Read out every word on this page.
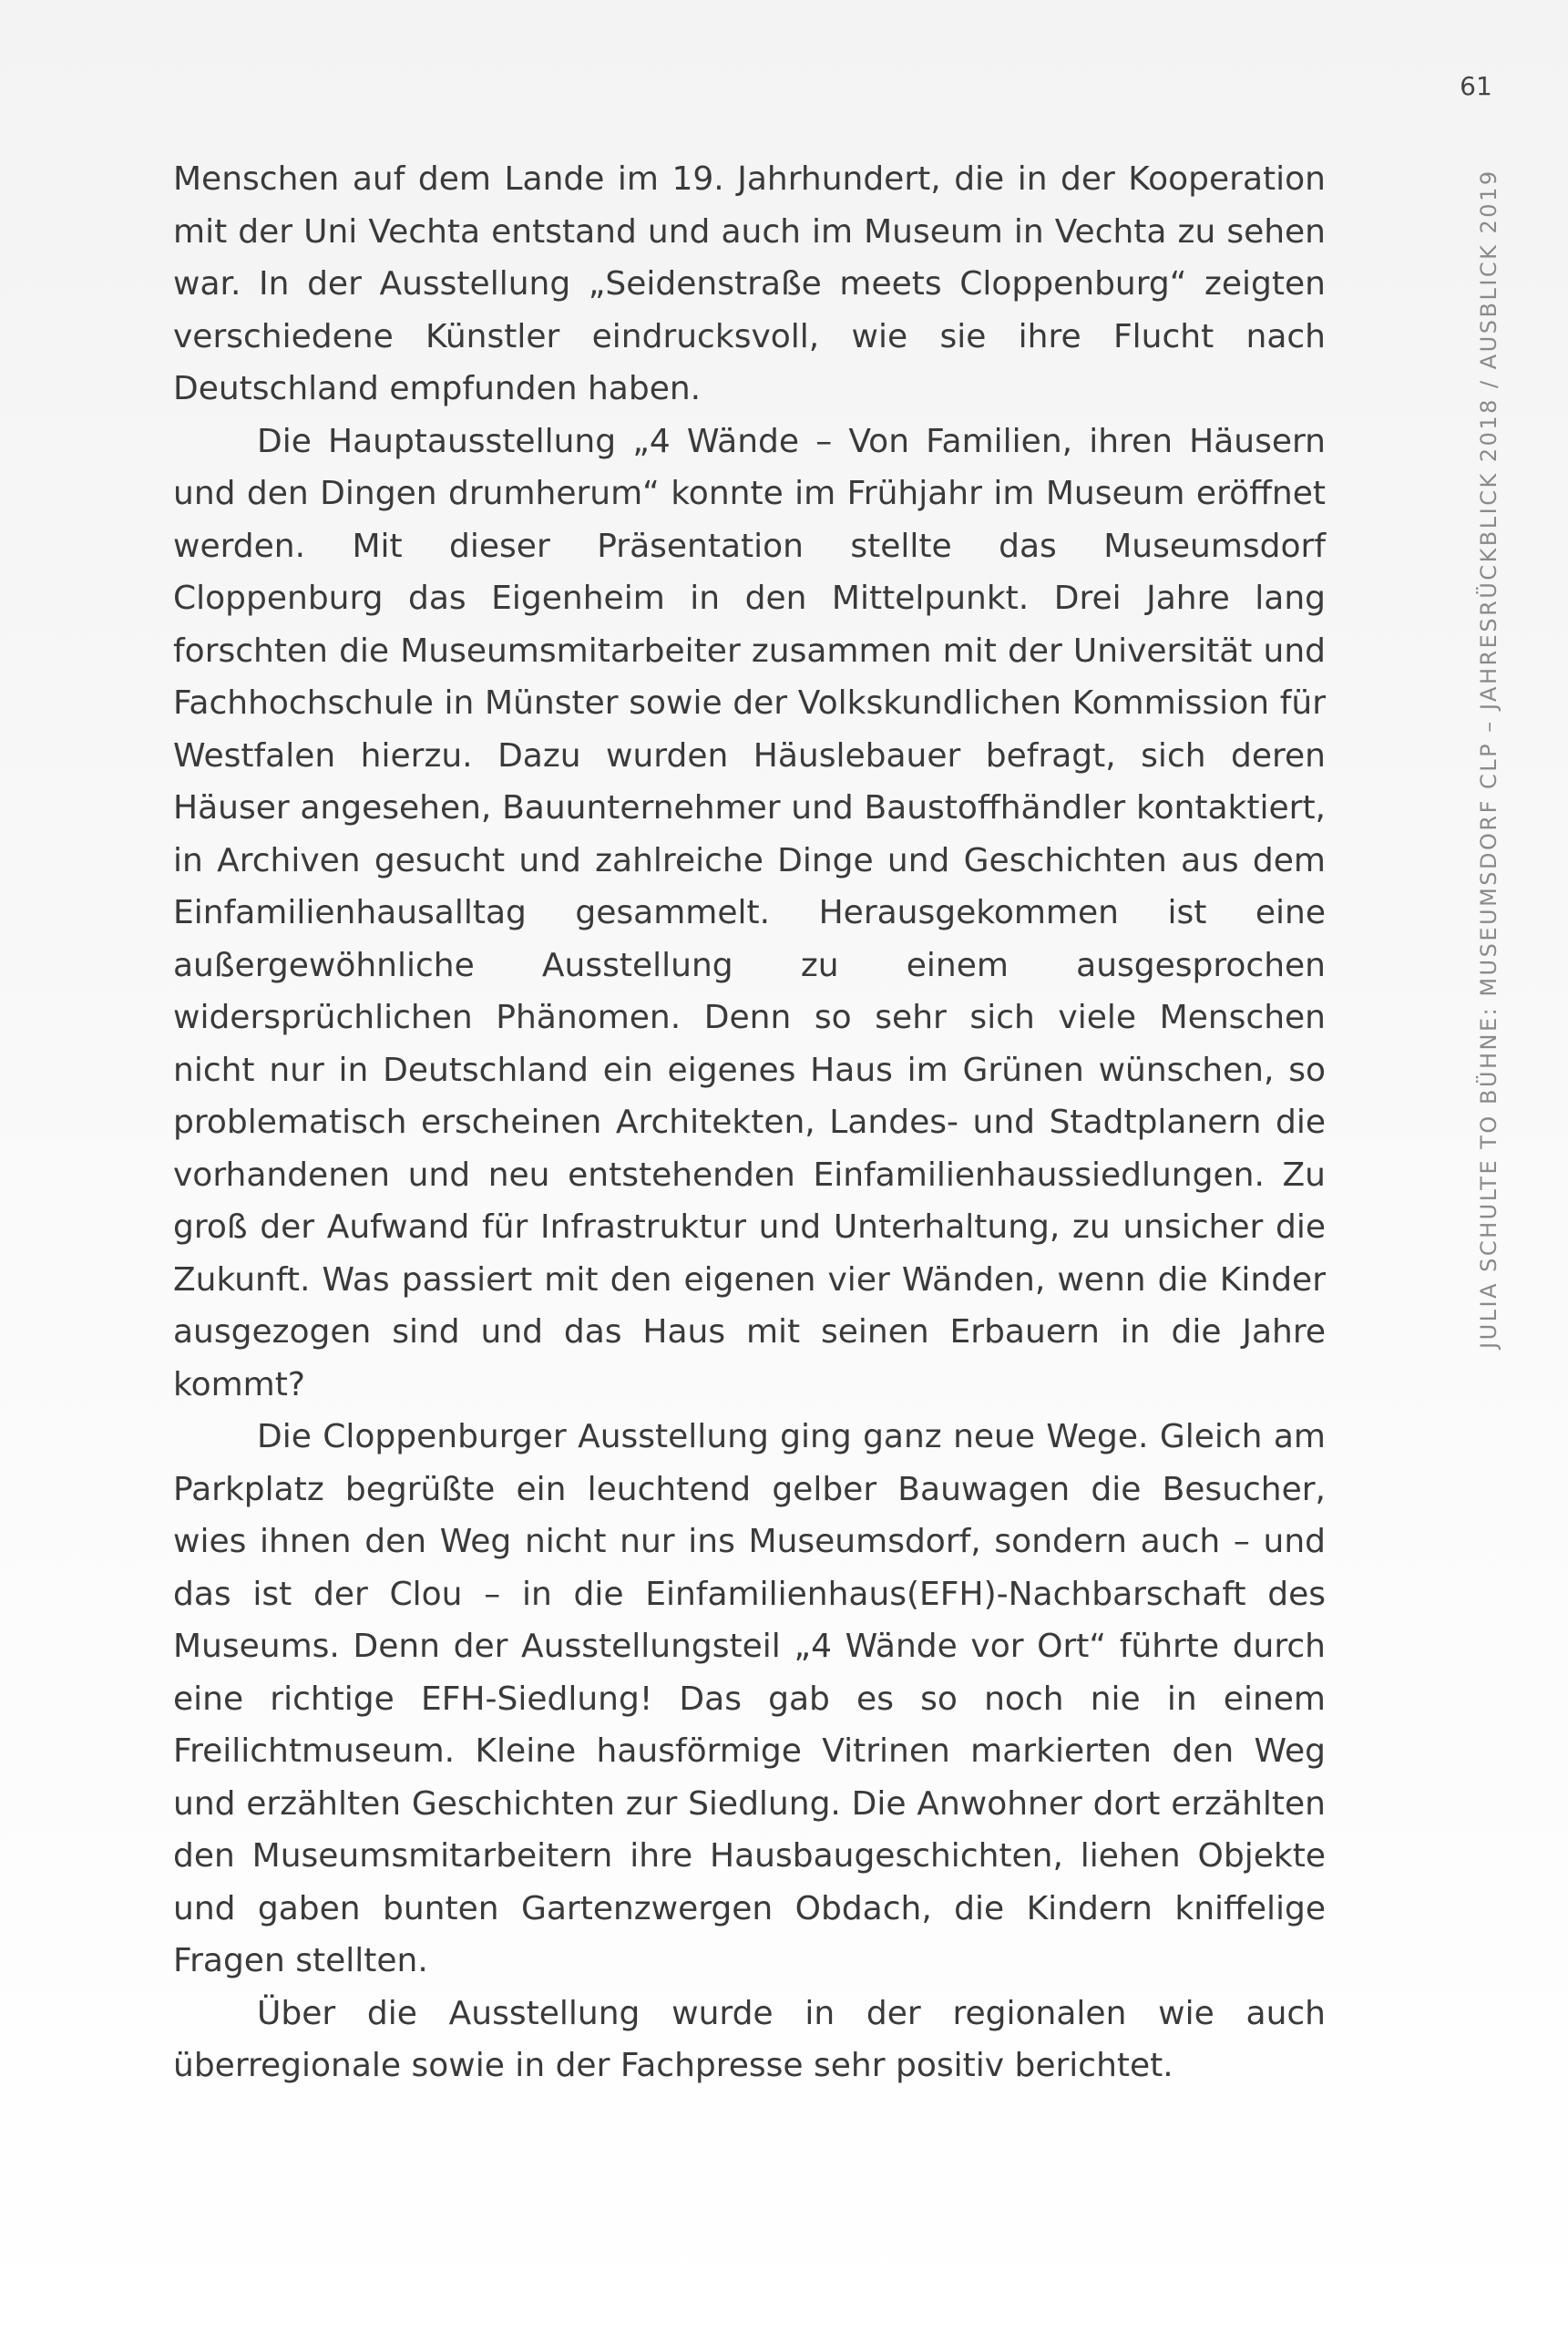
61
JULIA SCHULTE TO BÜHNE: MUSEUMSDORF CLP – JAHRESRÜCKBLICK 2018 / AUSBLICK 2019

Menschen auf dem Lande im 19. Jahrhundert, die in der Kooperation mit der Uni Vechta entstand und auch im Museum in Vechta zu sehen war. In der Ausstellung „Seidenstraße meets Cloppenburg“ zeigten verschiedene Künstler eindrucksvoll, wie sie ihre Flucht nach Deutschland empfunden haben.

Die Hauptausstellung „4 Wände – Von Familien, ihren Häusern und den Dingen drumherum“ konnte im Frühjahr im Museum eröffnet werden. Mit dieser Präsentation stellte das Museumsdorf Cloppenburg das Eigenheim in den Mittelpunkt. Drei Jahre lang forschten die Museumsmitarbeiter zusammen mit der Universität und Fachhochschule in Münster sowie der Volkskundlichen Kommission für Westfalen hierzu. Dazu wurden Häuslebauer befragt, sich deren Häuser angesehen, Bauunternehmer und Baustoffhändler kontaktiert, in Archiven gesucht und zahlreiche Dinge und Geschichten aus dem Einfamilienhausalltag gesammelt. Herausgekommen ist eine außergewöhnliche Ausstellung zu einem ausgesprochen widersprüchlichen Phänomen. Denn so sehr sich viele Menschen nicht nur in Deutschland ein eigenes Haus im Grünen wünschen, so problematisch erscheinen Architekten, Landes- und Stadtplanern die vorhandenen und neu entstehenden Einfamilienhaussiedlungen. Zu groß der Aufwand für Infrastruktur und Unterhaltung, zu unsicher die Zukunft. Was passiert mit den eigenen vier Wänden, wenn die Kinder ausgezogen sind und das Haus mit seinen Erbauern in die Jahre kommt?

Die Cloppenburger Ausstellung ging ganz neue Wege. Gleich am Parkplatz begrüßte ein leuchtend gelber Bauwagen die Besucher, wies ihnen den Weg nicht nur ins Museumsdorf, sondern auch – und das ist der Clou – in die Einfamilienhaus(EFH)-Nachbarschaft des Museums. Denn der Ausstellungsteil „4 Wände vor Ort“ führte durch eine richtige EFH-Siedlung! Das gab es so noch nie in einem Freilichtmuseum. Kleine hausförmige Vitrinen markierten den Weg und erzählten Geschichten zur Siedlung. Die Anwohner dort erzählten den Museumsmitarbeitern ihre Hausbaugeschichten, liehen Objekte und gaben bunten Gartenzwergen Obdach, die Kindern kniffelige Fragen stellten.

Über die Ausstellung wurde in der regionalen wie auch überregionale sowie in der Fachpresse sehr positiv berichtet.
